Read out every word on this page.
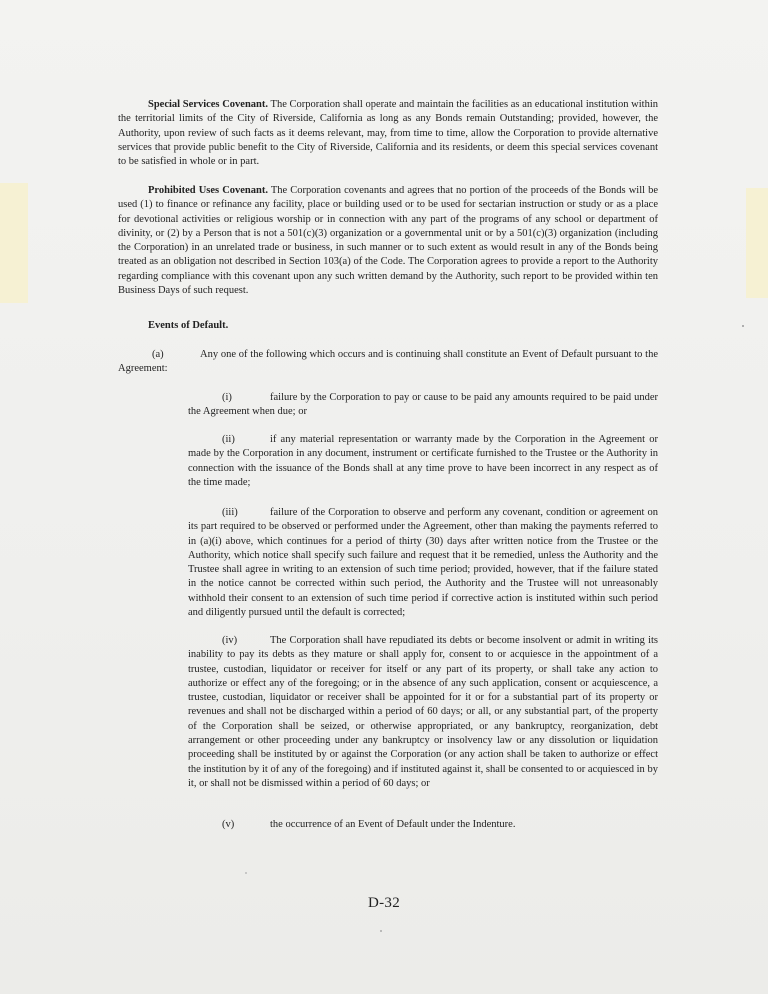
Special Services Covenant. The Corporation shall operate and maintain the facilities as an educational institution within the territorial limits of the City of Riverside, California as long as any Bonds remain Outstanding; provided, however, the Authority, upon review of such facts as it deems relevant, may, from time to time, allow the Corporation to provide alternative services that provide public benefit to the City of Riverside, California and its residents, or deem this special services covenant to be satisfied in whole or in part.
Prohibited Uses Covenant. The Corporation covenants and agrees that no portion of the proceeds of the Bonds will be used (1) to finance or refinance any facility, place or building used or to be used for sectarian instruction or study or as a place for devotional activities or religious worship or in connection with any part of the programs of any school or department of divinity, or (2) by a Person that is not a 501(c)(3) organization or a governmental unit or by a 501(c)(3) organization (including the Corporation) in an unrelated trade or business, in such manner or to such extent as would result in any of the Bonds being treated as an obligation not described in Section 103(a) of the Code. The Corporation agrees to provide a report to the Authority regarding compliance with this covenant upon any such written demand by the Authority, such report to be provided within ten Business Days of such request.
Events of Default.
(a)	Any one of the following which occurs and is continuing shall constitute an Event of Default pursuant to the Agreement:
(i)	failure by the Corporation to pay or cause to be paid any amounts required to be paid under the Agreement when due; or
(ii)	if any material representation or warranty made by the Corporation in the Agreement or made by the Corporation in any document, instrument or certificate furnished to the Trustee or the Authority in connection with the issuance of the Bonds shall at any time prove to have been incorrect in any respect as of the time made;
(iii)	failure of the Corporation to observe and perform any covenant, condition or agreement on its part required to be observed or performed under the Agreement, other than making the payments referred to in (a)(i) above, which continues for a period of thirty (30) days after written notice from the Trustee or the Authority, which notice shall specify such failure and request that it be remedied, unless the Authority and the Trustee shall agree in writing to an extension of such time period; provided, however, that if the failure stated in the notice cannot be corrected within such period, the Authority and the Trustee will not unreasonably withhold their consent to an extension of such time period if corrective action is instituted within such period and diligently pursued until the default is corrected;
(iv)	The Corporation shall have repudiated its debts or become insolvent or admit in writing its inability to pay its debts as they mature or shall apply for, consent to or acquiesce in the appointment of a trustee, custodian, liquidator or receiver for itself or any part of its property, or shall take any action to authorize or effect any of the foregoing; or in the absence of any such application, consent or acquiescence, a trustee, custodian, liquidator or receiver shall be appointed for it or for a substantial part of its property or revenues and shall not be discharged within a period of 60 days; or all, or any substantial part, of the property of the Corporation shall be seized, or otherwise appropriated, or any bankruptcy, reorganization, debt arrangement or other proceeding under any bankruptcy or insolvency law or any dissolution or liquidation proceeding shall be instituted by or against the Corporation (or any action shall be taken to authorize or effect the institution by it of any of the foregoing) and if instituted against it, shall be consented to or acquiesced in by it, or shall not be dismissed within a period of 60 days; or
(v)	the occurrence of an Event of Default under the Indenture.
D-32
